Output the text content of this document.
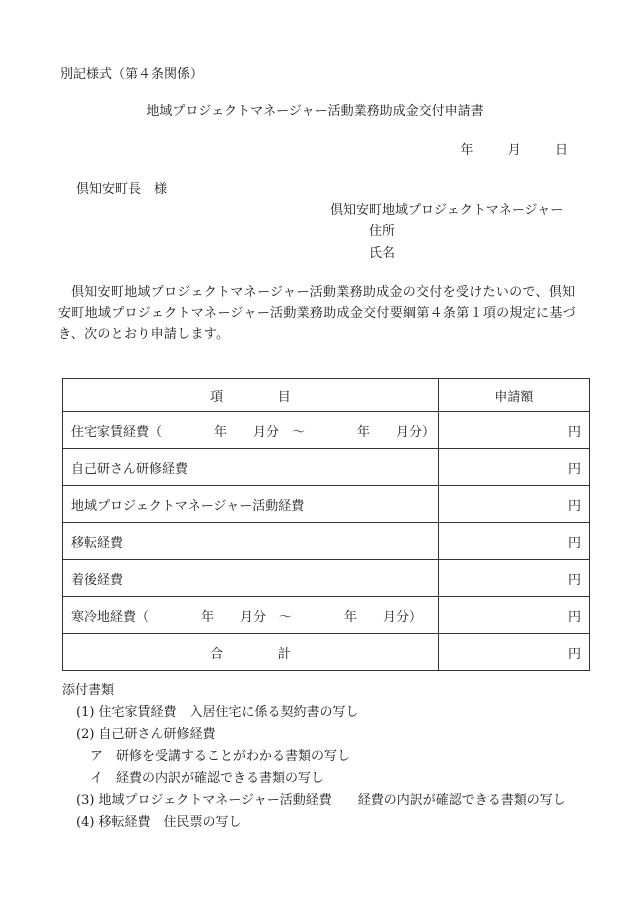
別記様式（第４条関係）
地域プロジェクトマネージャー活動業務助成金交付申請書
年	月	日
倶知安町長　様
倶知安町地域プロジェクトマネージャー
住所
氏名
倶知安町地域プロジェクトマネージャー活動業務助成金の交付を受けたいので、倶知安町地域プロジェクトマネージャー活動業務助成金交付要綱第４条第１項の規定に基づき、次のとおり申請します。
項　目	申請額
住宅家賃経費（　　　　年　　月分　～　　　　年　　月分）	円
自己研さん研修経費	円
地域プロジェクトマネージャー活動経費	円
移転経費	円
着後経費	円
寒冷地経費（　　　　年　　月分　～　　　　年　　月分）	円
合　計	円
添付書類
(1) 住宅家賃経費　入居住宅に係る契約書の写し
(2) 自己研さん研修経費
ア　研修を受講することがわかる書類の写し
イ　経費の内訳が確認できる書類の写し
(3) 地域プロジェクトマネージャー活動経費　　経費の内訳が確認できる書類の写し
(4) 移転経費　住民票の写し
